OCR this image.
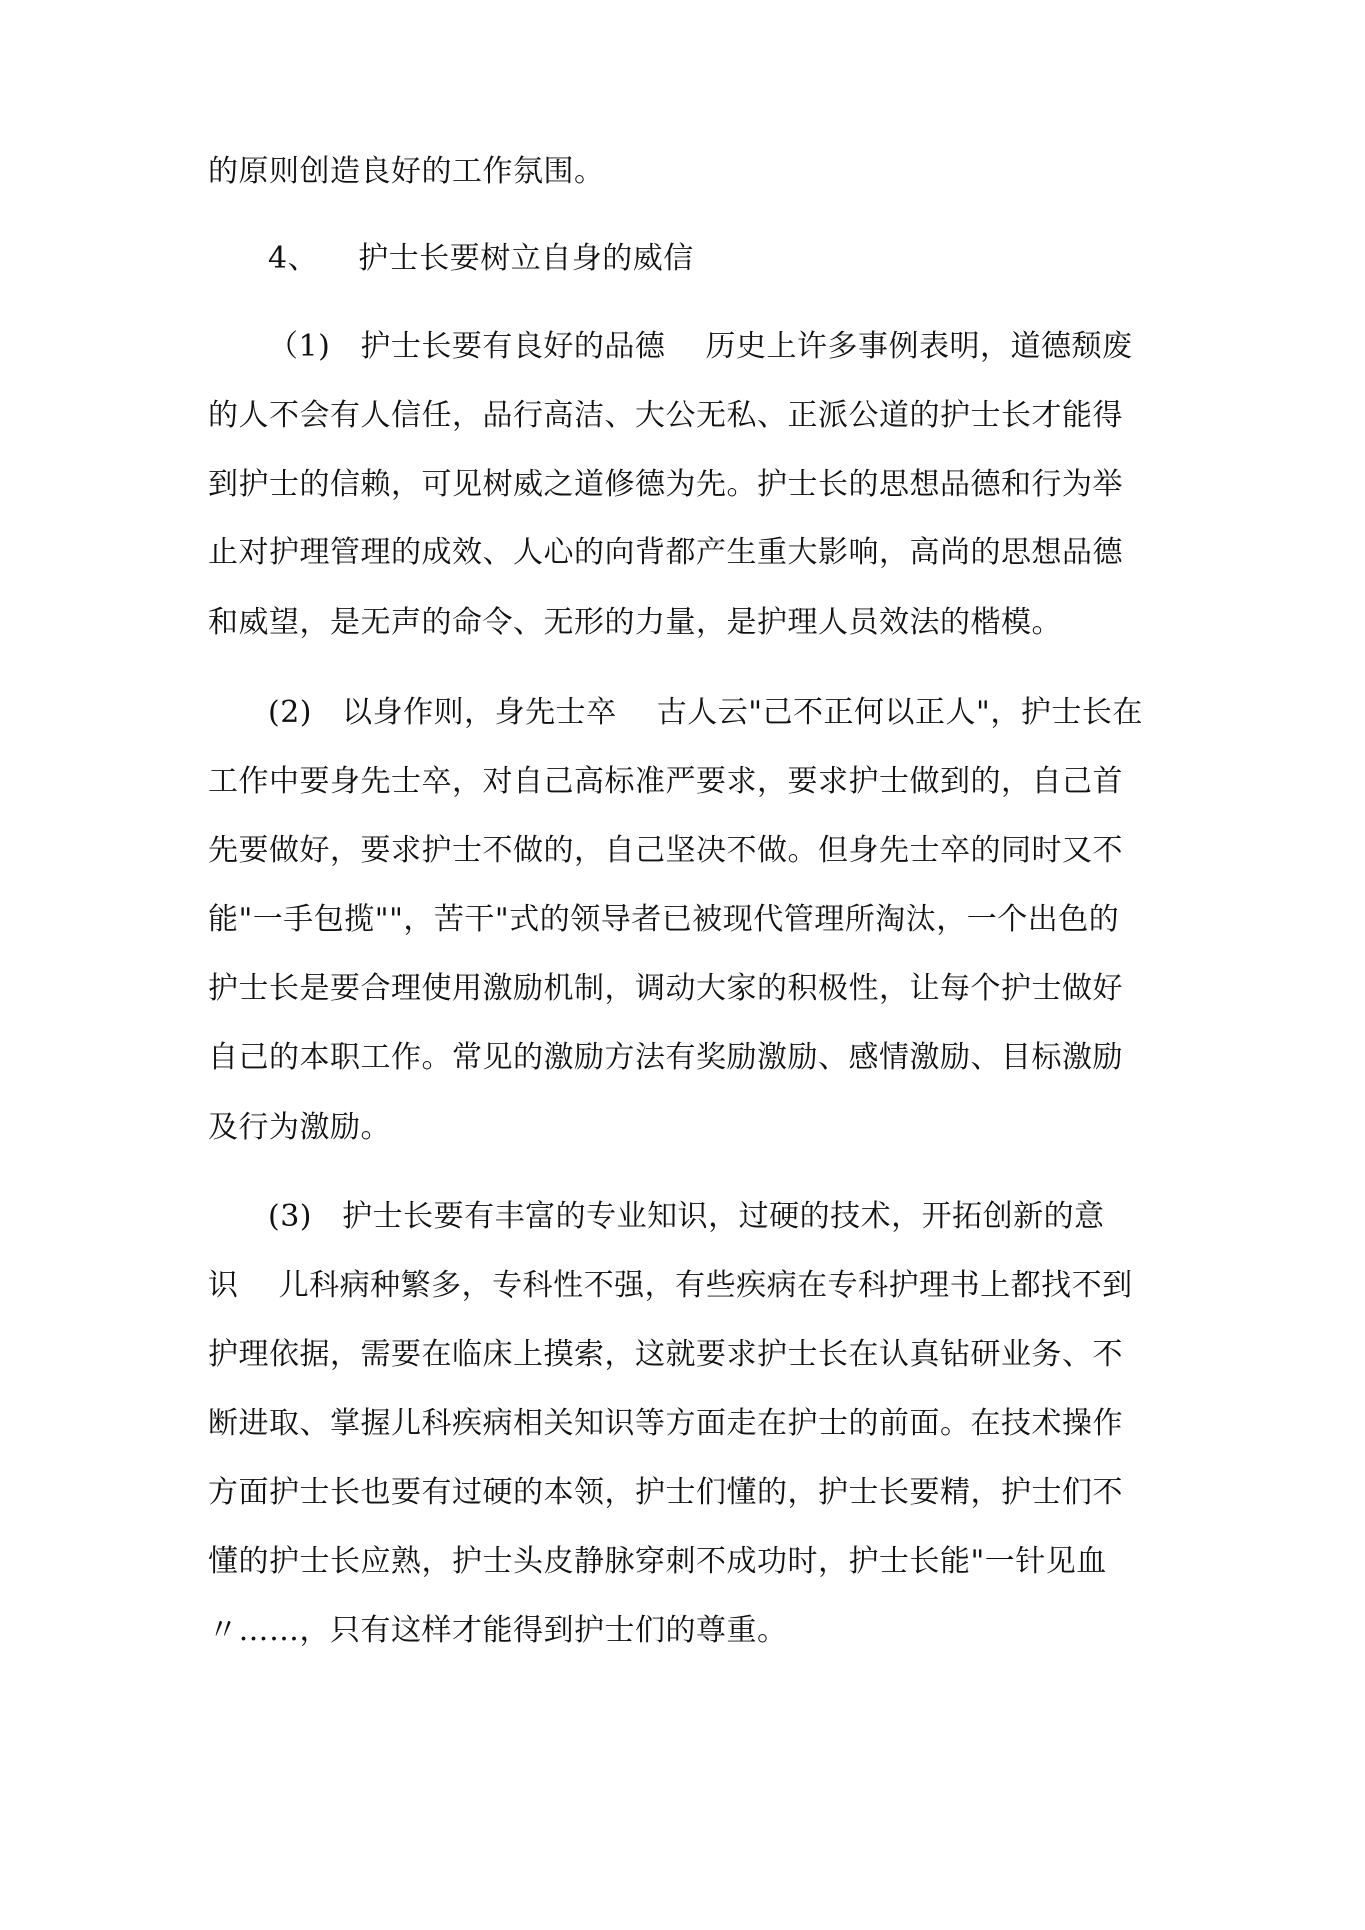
的原则创造良好的工作氛围。
4、    护士长要树立自身的威信
（1)   护士长要有良好的品德    历史上许多事例表明，道德颓废
的人不会有人信任，品行高洁、大公无私、正派公道的护士长才能得
到护士的信赖，可见树威之道修德为先。护士长的思想品德和行为举
止对护理管理的成效、人心的向背都产生重大影响，高尚的思想品德
和威望，是无声的命令、无形的力量，是护理人员效法的楷模。
(2)   以身作则，身先士卒    古人云"己不正何以正人"，护士长在
工作中要身先士卒，对自己高标准严要求，要求护士做到的，自己首
先要做好，要求护士不做的，自己坚决不做。但身先士卒的同时又不
能"一手包揽""，苦干"式的领导者已被现代管理所淘汰，一个出色的
护士长是要合理使用激励机制，调动大家的积极性，让每个护士做好
自己的本职工作。常见的激励方法有奖励激励、感情激励、目标激励
及行为激励。
(3)   护士长要有丰富的专业知识，过硬的技术，开拓创新的意
识    儿科病种繁多，专科性不强，有些疾病在专科护理书上都找不到
护理依据，需要在临床上摸索，这就要求护士长在认真钻研业务、不
断进取、掌握儿科疾病相关知识等方面走在护士的前面。在技术操作
方面护士长也要有过硬的本领，护士们懂的，护士长要精，护士们不
懂的护士长应熟，护士头皮静脉穿刺不成功时，护士长能"一针见血
〃……，只有这样才能得到护士们的尊重。
